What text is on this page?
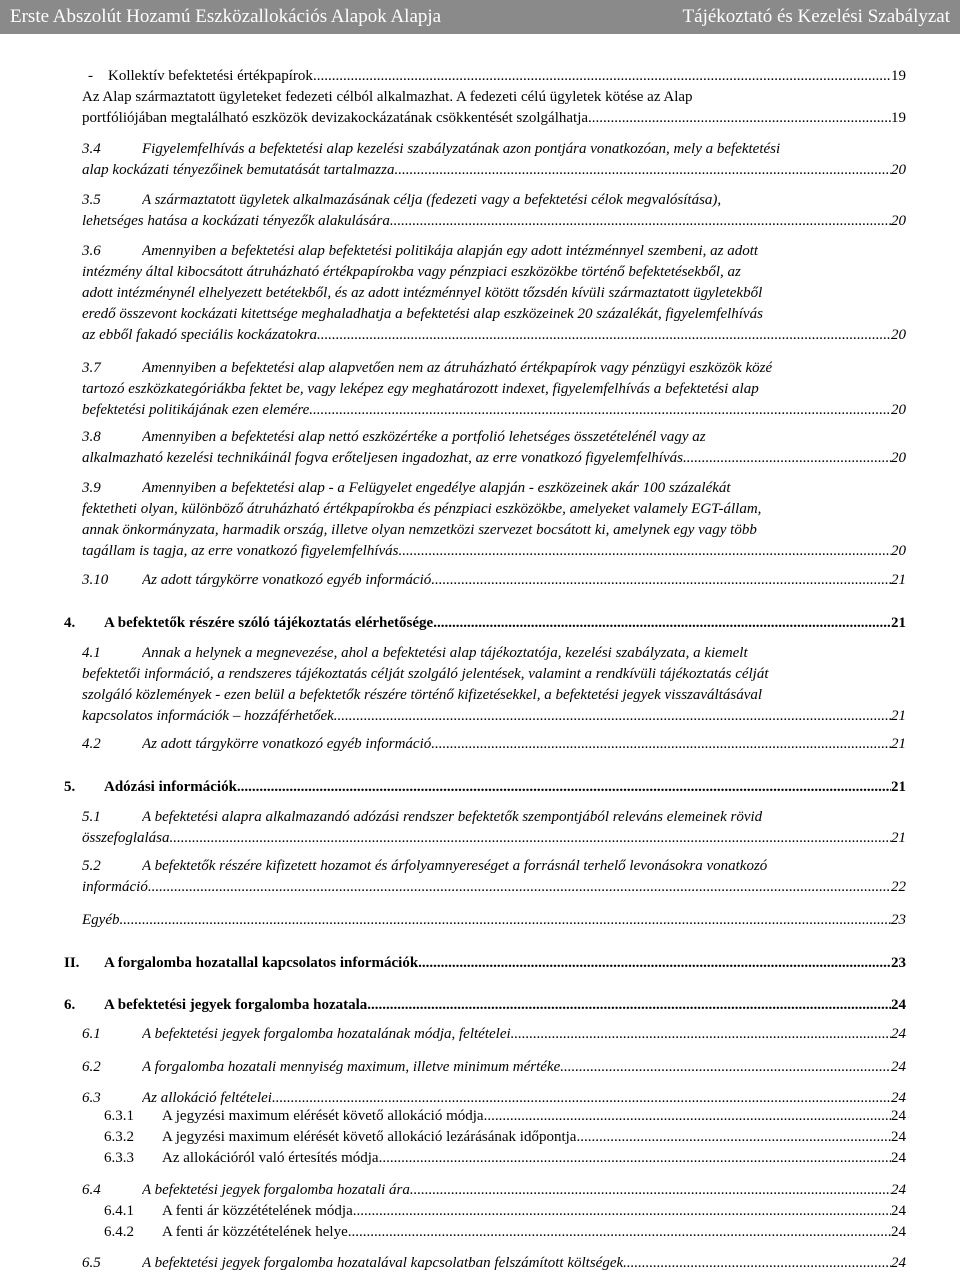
Erste Abszolút Hozamú Eszközallokációs Alapok Alapja	Tájékoztató és Kezelési Szabályzat
- Kollektív befektetési értékpapírok .....	19
Az Alap származtatott ügyleteket fedezeti célból alkalmazhat. A fedezeti célú ügyletek kötése az Alap
portfóliójában megtalálható eszközök devizakockázatának csökkentését szolgálhatja. .....	19
3.4	Figyelemfelhívás a befektetési alap kezelési szabályzatának azon pontjára vonatkozóan, mely a befektetési
alap kockázati tényezőinek bemutatását tartalmazza .....	20
3.5	A származtatott ügyletek alkalmazásának célja (fedezeti vagy a befektetési célok megvalósítása),
lehetséges hatása a kockázati tényezők alakulására .....	20
3.6	Amennyiben a befektetési alap befektetési politikája alapján egy adott intézménnyel szembeni, az adott
intézmény által kibocsátott átruházható értékpapírokba vagy pénzpiaci eszközökbe történő befektetésekből, az
adott intézménynél elhelyezett betétekből, és az adott intézménnyel kötött tőzsdén kívüli származtatott ügyletekből
eredő összevont kockázati kitettsége meghaladhatja a befektetési alap eszközeinek 20 százalékát, figyelemfelhívás
az ebből fakadó speciális kockázatokra .....	20
3.7	Amennyiben a befektetési alap alapvetően nem az átruházható értékpapírok vagy pénzügyi eszközök közé
tartozó eszközkategóriákba fektet be, vagy leképez egy meghatározott indexet, figyelemfelhívás a befektetési alap
befektetési politikájának ezen elemére .....	20
3.8	Amennyiben a befektetési alap nettó eszközértéke a portfolió lehetséges összetételénél vagy az
alkalmazható kezelési technikáinál fogva erőteljesen ingadozhat, az erre vonatkozó figyelemfelhívás .....	20
3.9	Amennyiben a befektetési alap - a Felügyelet engedélye alapján - eszközeinek akár 100 százalékát
fektetheti olyan, különböző átruházható értékpapírokba és pénzpiaci eszközökbe, amelyeket valamely EGT-állam,
annak önkormányzata, harmadik ország, illetve olyan nemzetközi szervezet bocsátott ki, amelynek egy vagy több
tagállam is tagja, az erre vonatkozó figyelemfelhívás .....	20
3.10 Az adott tárgykörre vonatkozó egyéb információ .....	21
4. A befektetők részére szóló tájékoztatás elérhetősége .....	21
4.1	Annak a helynek a megnevezése, ahol a befektetési alap tájékoztatója, kezelési szabályzata, a kiemelt
befektetői információ, a rendszeres tájékoztatás célját szolgáló jelentések, valamint a rendkívüli tájékoztatás célját
szolgáló közlemények - ezen belül a befektetők részére történő kifizetésekkel, a befektetési jegyek visszaváltásával
kapcsolatos információk – hozzáférhetőek .....	21
4.2	Az adott tárgykörre vonatkozó egyéb információ .....	21
5. Adózási információk .....	21
5.1	A befektetési alapra alkalmazandó adózási rendszer befektetők szempontjából releváns elemeinek rövid
összefoglalása .....	21
5.2	A befektetők részére kifizetett hozamot és árfolyamnyereséget a forrásnál terhelő levonásokra vonatkozó
információ .....	22
Egyéb .....	23
II. A forgalomba hozatallal kapcsolatos információk .....	23
6. A befektetési jegyek forgalomba hozatala .....	24
6.1	A befektetési jegyek forgalomba hozatalának módja, feltételei .....	24
6.2	A forgalomba hozatali mennyiség maximum, illetve minimum mértéke .....	24
6.3	Az allokáció feltételei .....	24
6.3.1 A jegyzési maximum elérését követő allokáció módja .....	24
6.3.2 A jegyzési maximum elérését követő allokáció lezárásának időpontja .....	24
6.3.3 Az allokációról való értesítés módja .....	24
6.4	A befektetési jegyek forgalomba hozatali ára .....	24
6.4.1 A fenti ár közzétételének módja .....	24
6.4.2 A fenti ár közzétételének helye .....	24
6.5	A befektetési jegyek forgalomba hozatalával kapcsolatban felszámított költségek .....	24
